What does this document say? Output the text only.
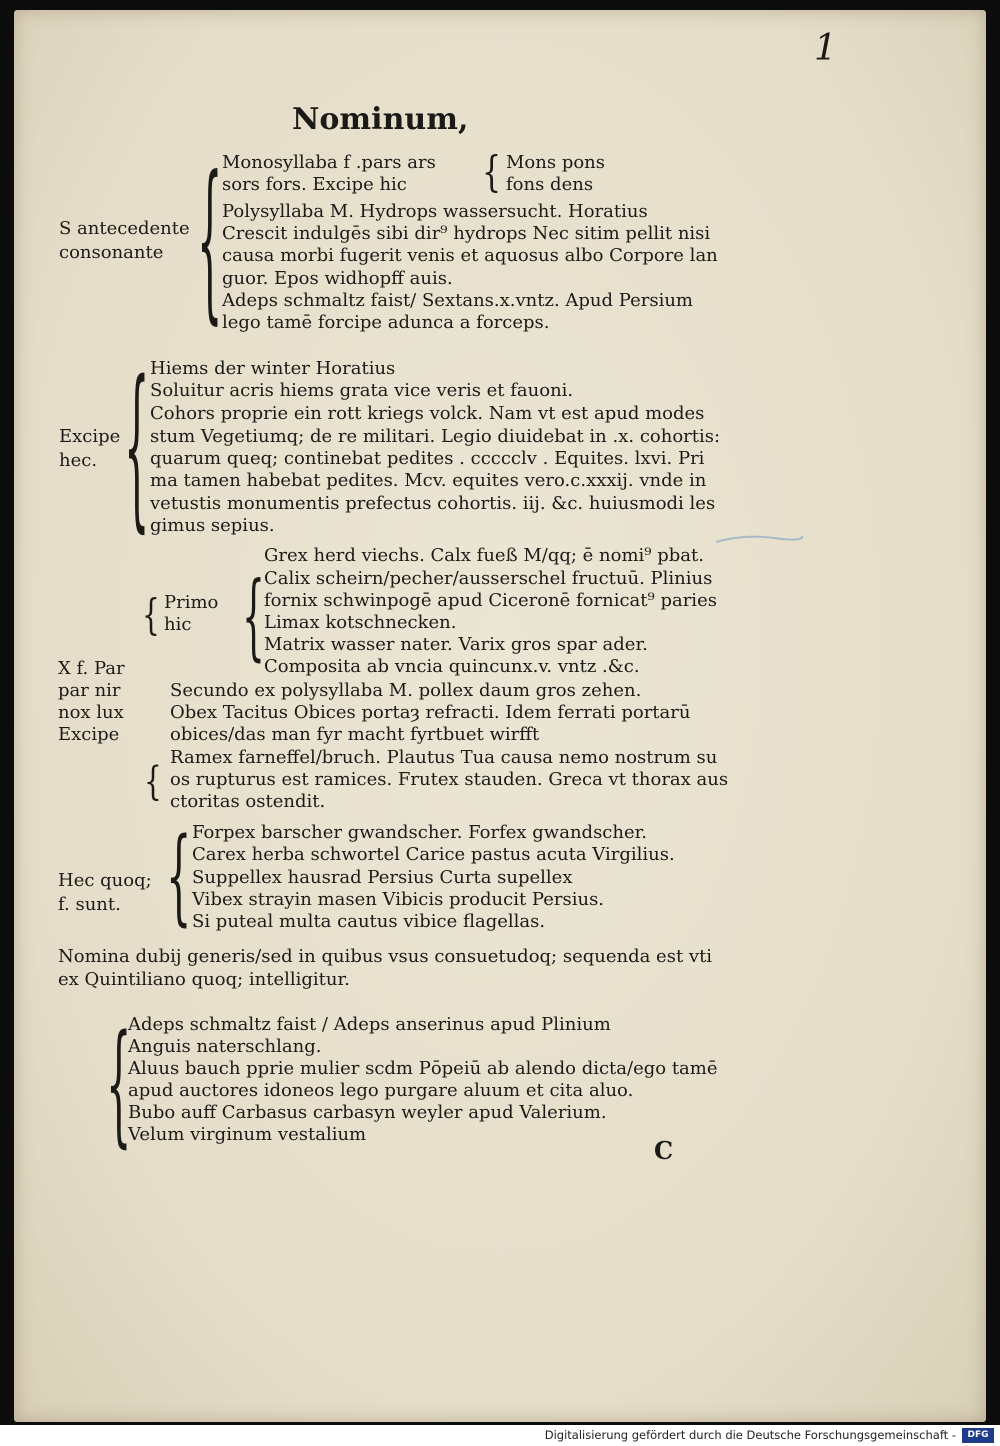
1
Nominum,
S antecedente
consonante { Monosyllaba f .pars ars
sors fors. Excipe hic
Polysyllaba M. Hydrops wassersucht. Horatius
Crescit indulgēs sibi dir⁹ hydrops Nec sitim pellit nisi
causa morbi fugerit venis et aquosus albo Corpore lan
guor. Epos widhopff auis.
Adeps schmaltz faist/ Sextans.x.vntz. Apud Persium
lego tamē forcipe adunca a forceps.
{ Mons pons
fons dens
Excipe
hec. { Hiems der winter Horatius
Soluitur acris hiems grata vice veris et fauoni.
Cohors proprie ein rott kriegs volck. Nam vt est apud modes
stum Vegetiumq; de re militari. Legio diuidebat in .x. cohortis:
quarum queq; continebat pedites . ccccclv . Equites. lxvi. Pri
ma tamen habebat pedites. Mcv. equites vero.c.xxxij. vnde in
vetustis monumentis prefectus cohortis. iij. &c. huiusmodi les
gimus sepius.
Grex herd viechs. Calx fueß M/qq; ē nomi⁹ pbat.
{ Primo
hic { Calix scheirn/pecher/ausserschel fructuū. Plinius
fornix schwinpogē apud Ciceronē fornicat⁹ paries
Limax kotschnecken.
Matrix wasser nater. Varix gros spar ader.
Composita ab vncia quincunx.v. vntz .&c.
X f. Par
par nir
nox lux
Excipe
Secundo ex polysyllaba M. pollex daum gros zehen.
Obex Tacitus Obices portaȝ refracti. Idem ferrati portarū
obices/das man fyr macht fyrtbuet wirfft
Ramex farneffel/bruch. Plautus Tua causa nemo nostrum su
{ os rupturus est ramices. Frutex stauden. Greca vt thorax aus
ctoritas ostendit.
Hec quoq;
f. sunt. { Forpex barscher gwandscher. Forfex gwandscher.
Carex herba schwortel Carice pastus acuta Virgilius.
Suppellex hausrad Persius Curta supellex
Vibex strayin masen Vibicis producit Persius.
Si puteal multa cautus vibice flagellas.
Nomina dubij generis/sed in quibus vsus consuetudoq; sequenda est vti
ex Quintiliano quoq; intelligitur.
{
Adeps schmaltz faist / Adeps anserinus apud Plinium
Anguis naterschlang.
Aluus bauch pprie mulier scdm Pōpeiū ab alendo dicta/ego tamē
apud auctores idoneos lego purgare aluum et cita aluo.
Bubo auff Carbasus carbasyn weyler apud Valerium.
Velum virginum vestalium
C
Digitalisierung gefördert durch die Deutsche Forschungsgemeinschaft -	DFG
